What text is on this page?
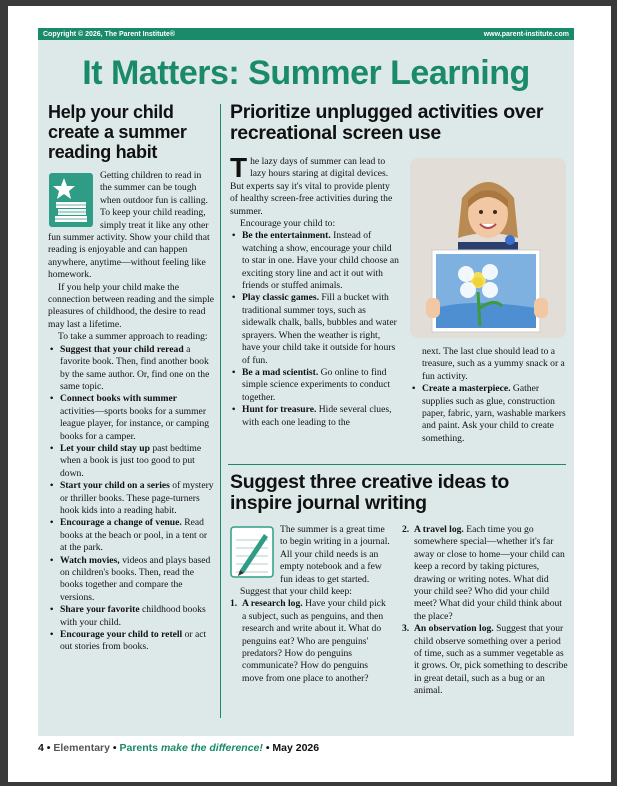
Copyright © 2026, The Parent Institute®	www.parent-institute.com
It Matters: Summer Learning
Help your child create a summer reading habit
Getting children to read in the summer can be tough when outdoor fun is calling. To keep your child reading, simply treat it like any other fun summer activity. Show your child that reading is enjoyable and can happen anywhere, anytime—without feeling like homework.
If you help your child make the connection between reading and the simple pleasures of childhood, the desire to read may last a lifetime.
To take a summer approach to reading:
• Suggest that your child reread a favorite book. Then, find another book by the same author. Or, find one on the same topic.
• Connect books with summer activities—sports books for a summer league player, for instance, or camping books for a camper.
• Let your child stay up past bedtime when a book is just too good to put down.
• Start your child on a series of mystery or thriller books. These page-turners hook kids into a reading habit.
• Encourage a change of venue. Read books at the beach or pool, in a tent or at the park.
• Watch movies, videos and plays based on children's books. Then, read the books together and compare the versions.
• Share your favorite childhood books with your child.
• Encourage your child to retell or act out stories from books.
Prioritize unplugged activities over recreational screen use
The lazy days of summer can lead to lazy hours staring at digital devices. But experts say it's vital to provide plenty of healthy screen-free activities during the summer.
Encourage your child to:
• Be the entertainment. Instead of watching a show, encourage your child to star in one. Have your child choose an exciting story line and act it out with friends or stuffed animals.
• Play classic games. Fill a bucket with traditional summer toys, such as sidewalk chalk, balls, bubbles and water sprayers. When the weather is right, have your child take it outside for hours of fun.
• Be a mad scientist. Go online to find simple science experiments to conduct together.
• Hunt for treasure. Hide several clues, with each one leading to the
next. The last clue should lead to a treasure, such as a yummy snack or a fun activity.
• Create a masterpiece. Gather supplies such as glue, construction paper, fabric, yarn, washable markers and paint. Ask your child to create something.
Suggest three creative ideas to inspire journal writing
The summer is a great time to begin writing in a journal. All your child needs is an empty notebook and a few fun ideas to get started.
Suggest that your child keep:
1. A research log. Have your child pick a subject, such as penguins, and then research and write about it. What do penguins eat? Who are penguins' predators? How do penguins communicate? How do penguins move from one place to another?
2. A travel log. Each time you go somewhere special—whether it's far away or close to home—your child can keep a record by taking pictures, drawing or writing notes. What did your child see? Who did your child meet? What did your child think about the place?
3. An observation log. Suggest that your child observe something over a period of time, such as a summer vegetable as it grows. Or, pick something to describe in great detail, such as a bug or an animal.
4 • Elementary • Parents make the difference! • May 2026
